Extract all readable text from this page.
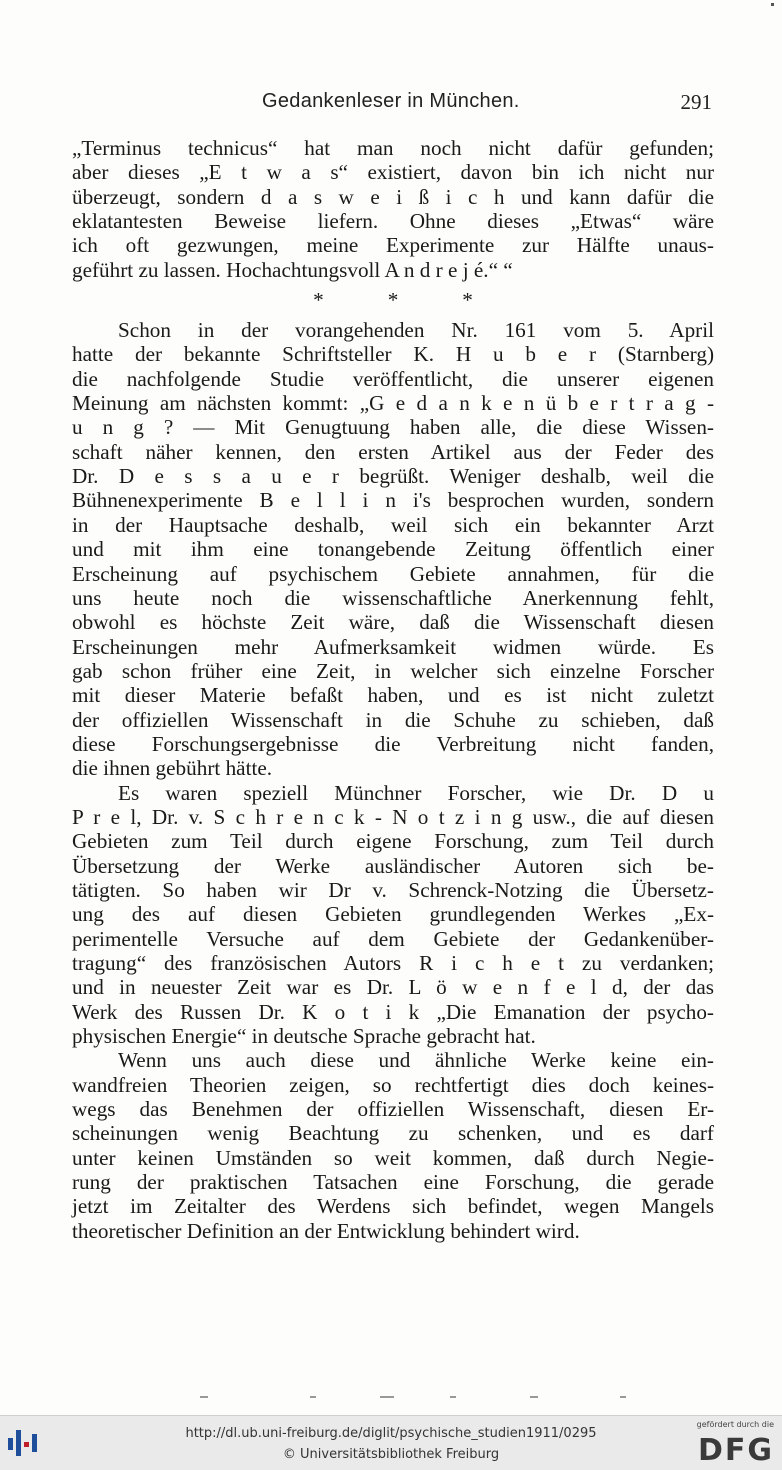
Gedankenleser in München.	291
„Terminus technicus“ hat man noch nicht dafür gefunden;
aber dieses „E t w a s“ existiert, davon bin ich nicht nur
überzeugt, sondern d a s w e i ß i c h und kann dafür die
eklatantesten Beweise liefern. Ohne dieses „Etwas“ wäre
ich oft gezwungen, meine Experimente zur Hälfte unaus-
geführt zu lassen. Hochachtungsvoll A n d r e j é.“ “
*	*	*
Schon in der vorangehenden Nr. 161 vom 5. April
hatte der bekannte Schriftsteller K. H u b e r (Starnberg)
die nachfolgende Studie veröffentlicht, die unserer eigenen
Meinung am nächsten kommt: „G e d a n k e n ü b e r t r a g -
u n g ? — Mit Genugtuung haben alle, die diese Wissen-
schaft näher kennen, den ersten Artikel aus der Feder des
Dr. D e s s a u e r begrüßt. Weniger deshalb, weil die
Bühnenexperimente B e l l i n i's besprochen wurden, sondern
in der Hauptsache deshalb, weil sich ein bekannter Arzt
und mit ihm eine tonangebende Zeitung öffentlich einer
Erscheinung auf psychischem Gebiete annahmen, für die
uns heute noch die wissenschaftliche Anerkennung fehlt,
obwohl es höchste Zeit wäre, daß die Wissenschaft diesen
Erscheinungen mehr Aufmerksamkeit widmen würde. Es
gab schon früher eine Zeit, in welcher sich einzelne Forscher
mit dieser Materie befaßt haben, und es ist nicht zuletzt
der offiziellen Wissenschaft in die Schuhe zu schieben, daß
diese Forschungsergebnisse die Verbreitung nicht fanden,
die ihnen gebührt hätte.
Es waren speziell Münchner Forscher, wie Dr. D u
P r e l, Dr. v. S c h r e n c k - N o t z i n g usw., die auf diesen
Gebieten zum Teil durch eigene Forschung, zum Teil durch
Übersetzung der Werke ausländischer Autoren sich be-
tätigten. So haben wir Dr v. Schrenck-Notzing die Übersetz-
ung des auf diesen Gebieten grundlegenden Werkes „Ex-
perimentelle Versuche auf dem Gebiete der Gedankenüber-
tragung“ des französischen Autors R i c h e t zu verdanken;
und in neuester Zeit war es Dr. L ö w e n f e l d, der das
Werk des Russen Dr. K o t i k „Die Emanation der psycho-
physischen Energie“ in deutsche Sprache gebracht hat.
Wenn uns auch diese und ähnliche Werke keine ein-
wandfreien Theorien zeigen, so rechtfertigt dies doch keines-
wegs das Benehmen der offiziellen Wissenschaft, diesen Er-
scheinungen wenig Beachtung zu schenken, und es darf
unter keinen Umständen so weit kommen, daß durch Negie-
rung der praktischen Tatsachen eine Forschung, die gerade
jetzt im Zeitalter des Werdens sich befindet, wegen Mangels
theoretischer Definition an der Entwicklung behindert wird.
http://dl.ub.uni-freiburg.de/diglit/psychische_studien1911/0295
© Universitätsbibliothek Freiburg
gefördert durch die
DFG
